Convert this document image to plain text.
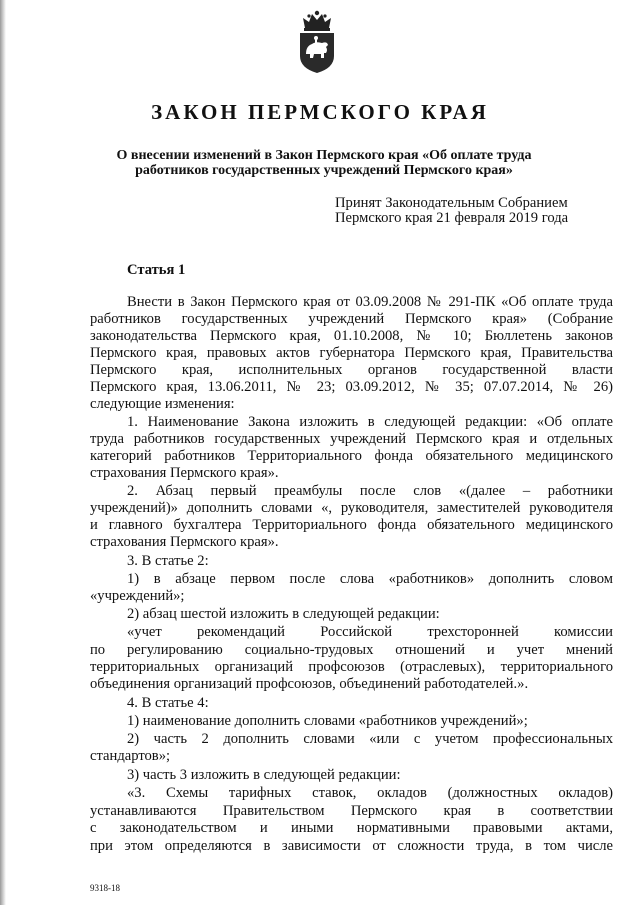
ЗАКОН ПЕРМСКОГО КРАЯ
О внесении изменений в Закон Пермского края «Об оплате труда
работников государственных учреждений Пермского края»
Принят Законодательным Собранием
Пермского края 21 февраля 2019 года
Статья 1
Внести в Закон Пермского края от 03.09.2008 № 291-ПК «Об оплате труда
работников государственных учреждений Пермского края» (Собрание
законодательства Пермского края, 01.10.2008, № 10; Бюллетень законов
Пермского края, правовых актов губернатора Пермского края, Правительства
Пермского края, исполнительных органов государственной власти
Пермского края, 13.06.2011, № 23; 03.09.2012, № 35; 07.07.2014, № 26)
следующие изменения:
1. Наименование Закона изложить в следующей редакции: «Об оплате
труда работников государственных учреждений Пермского края и отдельных
категорий работников Территориального фонда обязательного медицинского
страхования Пермского края».
2. Абзац первый преамбулы после слов «(далее – работники
учреждений)» дополнить словами «, руководителя, заместителей руководителя
и главного бухгалтера Территориального фонда обязательного медицинского
страхования Пермского края».
3. В статье 2:
1) в абзаце первом после слова «работников» дополнить словом
«учреждений»;
2) абзац шестой изложить в следующей редакции:
«учет рекомендаций Российской трехсторонней комиссии
по регулированию социально-трудовых отношений и учет мнений
территориальных организаций профсоюзов (отраслевых), территориального
объединения организаций профсоюзов, объединений работодателей.».
4. В статье 4:
1) наименование дополнить словами «работников учреждений»;
2) часть 2 дополнить словами «или с учетом профессиональных
стандартов»;
3) часть 3 изложить в следующей редакции:
«3. Схемы тарифных ставок, окладов (должностных окладов)
устанавливаются Правительством Пермского края в соответствии
с законодательством и иными нормативными правовыми актами,
при этом определяются в зависимости от сложности труда, в том числе
9318-18
